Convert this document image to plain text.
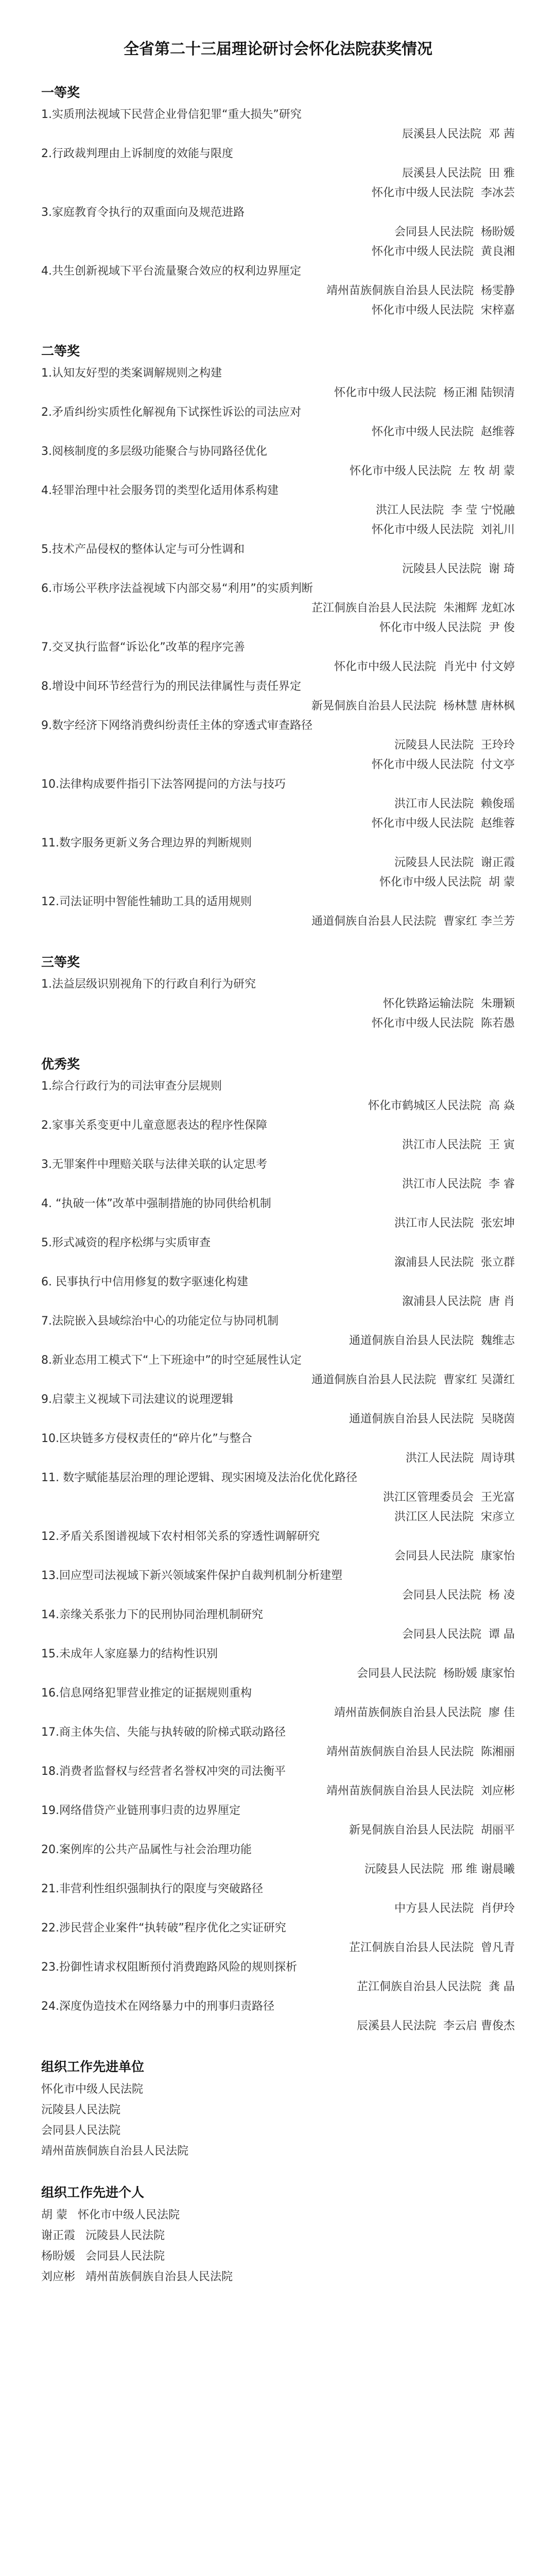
全省第二十三届理论研讨会怀化法院获奖情况
一等奖
1.实质刑法视域下民营企业骨信犯罪“重大损失”研究
辰溪县人民法院 邓 茜
2.行政裁判理由上诉制度的效能与限度
辰溪县人民法院 田 雅
怀化市中级人民法院 李冰芸
3.家庭教育令执行的双重面向及规范进路
会同县人民法院 杨盼媛
怀化市中级人民法院 黄良湘
4.共生创新视域下平台流量聚合效应的权利边界厘定
靖州苗族侗族自治县人民法院 杨雯静
怀化市中级人民法院 宋梓嘉
二等奖
1.认知友好型的类案调解规则之构建
怀化市中级人民法院 杨正湘 陆钡清
2.矛盾纠纷实质性化解视角下试探性诉讼的司法应对
怀化市中级人民法院 赵维蓉
3.阅核制度的多层级功能聚合与协同路径优化
怀化市中级人民法院 左 牧 胡 蒙
4.轻罪治理中社会服务罚的类型化适用体系构建
洪江人民法院 李 莹 宁悦融
怀化市中级人民法院 刘礼川
5.技术产品侵权的整体认定与可分性调和
沅陵县人民法院 谢 琦
6.市场公平秩序法益视域下内部交易“利用”的实质判断
芷江侗族自治县人民法院 朱湘辉 龙虹冰
怀化市中级人民法院 尹 俊
7.交叉执行监督“诉讼化”改革的程序完善
怀化市中级人民法院 肖光中 付文婷
8.增设中间环节经营行为的刑民法律属性与责任界定
新晃侗族自治县人民法院 杨林慧 唐林枫
9.数字经济下网络消费纠纷责任主体的穿透式审查路径
沅陵县人民法院 王玲玲
怀化市中级人民法院 付文亭
10.法律构成要件指引下法答网提问的方法与技巧
洪江市人民法院 赖俊瑶
怀化市中级人民法院 赵维蓉
11.数字服务更新义务合理边界的判断规则
沅陵县人民法院 谢正霞
怀化市中级人民法院 胡 蒙
12.司法证明中智能性辅助工具的适用规则
通道侗族自治县人民法院 曹家红 李兰芳
三等奖
1.法益层级识别视角下的行政自利行为研究
怀化铁路运输法院 朱珊颖
怀化市中级人民法院 陈若愚
优秀奖
1.综合行政行为的司法审查分层规则
怀化市鹤城区人民法院 高 焱
2.家事关系变更中儿童意愿表达的程序性保障
洪江市人民法院 王 寅
3.无罪案件中理赔关联与法律关联的认定思考
洪江市人民法院 李 睿
4. “执破一体”改革中强制措施的协同供给机制
洪江市人民法院 张宏坤
5.形式减资的程序松绑与实质审查
溆浦县人民法院 张立群
6. 民事执行中信用修复的数字驱速化构建
溆浦县人民法院 唐 肖
7.法院嵌入县域综治中心的功能定位与协同机制
通道侗族自治县人民法院 魏维志
8.新业态用工模式下“上下班途中”的时空延展性认定
通道侗族自治县人民法院 曹家红 吴潇红
9.启蒙主义视域下司法建议的说理逻辑
通道侗族自治县人民法院 吴晓茵
10.区块链多方侵权责任的“碎片化”与整合
洪江人民法院 周诗琪
11. 数字赋能基层治理的理论逻辑、现实困境及法治化优化路径
洪江区管理委员会 王光富
洪江区人民法院 宋彦立
12.矛盾关系图谱视域下农村相邻关系的穿透性调解研究
会同县人民法院 康家怡
13.回应型司法视域下新兴领域案件保护自裁判机制分析建塑
会同县人民法院 杨 凌
14.亲缘关系张力下的民刑协同治理机制研究
会同县人民法院 谭 晶
15.未成年人家庭暴力的结构性识别
会同县人民法院 杨盼媛 康家怡
16.信息网络犯罪营业推定的证据规则重构
靖州苗族侗族自治县人民法院 廖 佳
17.商主体失信、失能与执转破的阶梯式联动路径
靖州苗族侗族自治县人民法院 陈湘丽
18.消费者监督权与经营者名誉权冲突的司法衡平
靖州苗族侗族自治县人民法院 刘应彬
19.网络借贷产业链刑事归责的边界厘定
新晃侗族自治县人民法院 胡丽平
20.案例库的公共产品属性与社会治理功能
沅陵县人民法院 邢 维 谢晨曦
21.非营利性组织强制执行的限度与突破路径
中方县人民法院 肖伊玲
22.涉民营企业案件“执转破”程序优化之实证研究
芷江侗族自治县人民法院 曾凡青
23.扮御性请求权阻断预付消费跑路风险的规则探析
芷江侗族自治县人民法院 龚 晶
24.深度伪造技术在网络暴力中的刑事归责路径
辰溪县人民法院 李云启 曹俊杰
组织工作先进单位
怀化市中级人民法院
沅陵县人民法院
会同县人民法院
靖州苗族侗族自治县人民法院
组织工作先进个人
胡 蒙 怀化市中级人民法院
谢正霞 沅陵县人民法院
杨盼媛 会同县人民法院
刘应彬 靖州苗族侗族自治县人民法院
